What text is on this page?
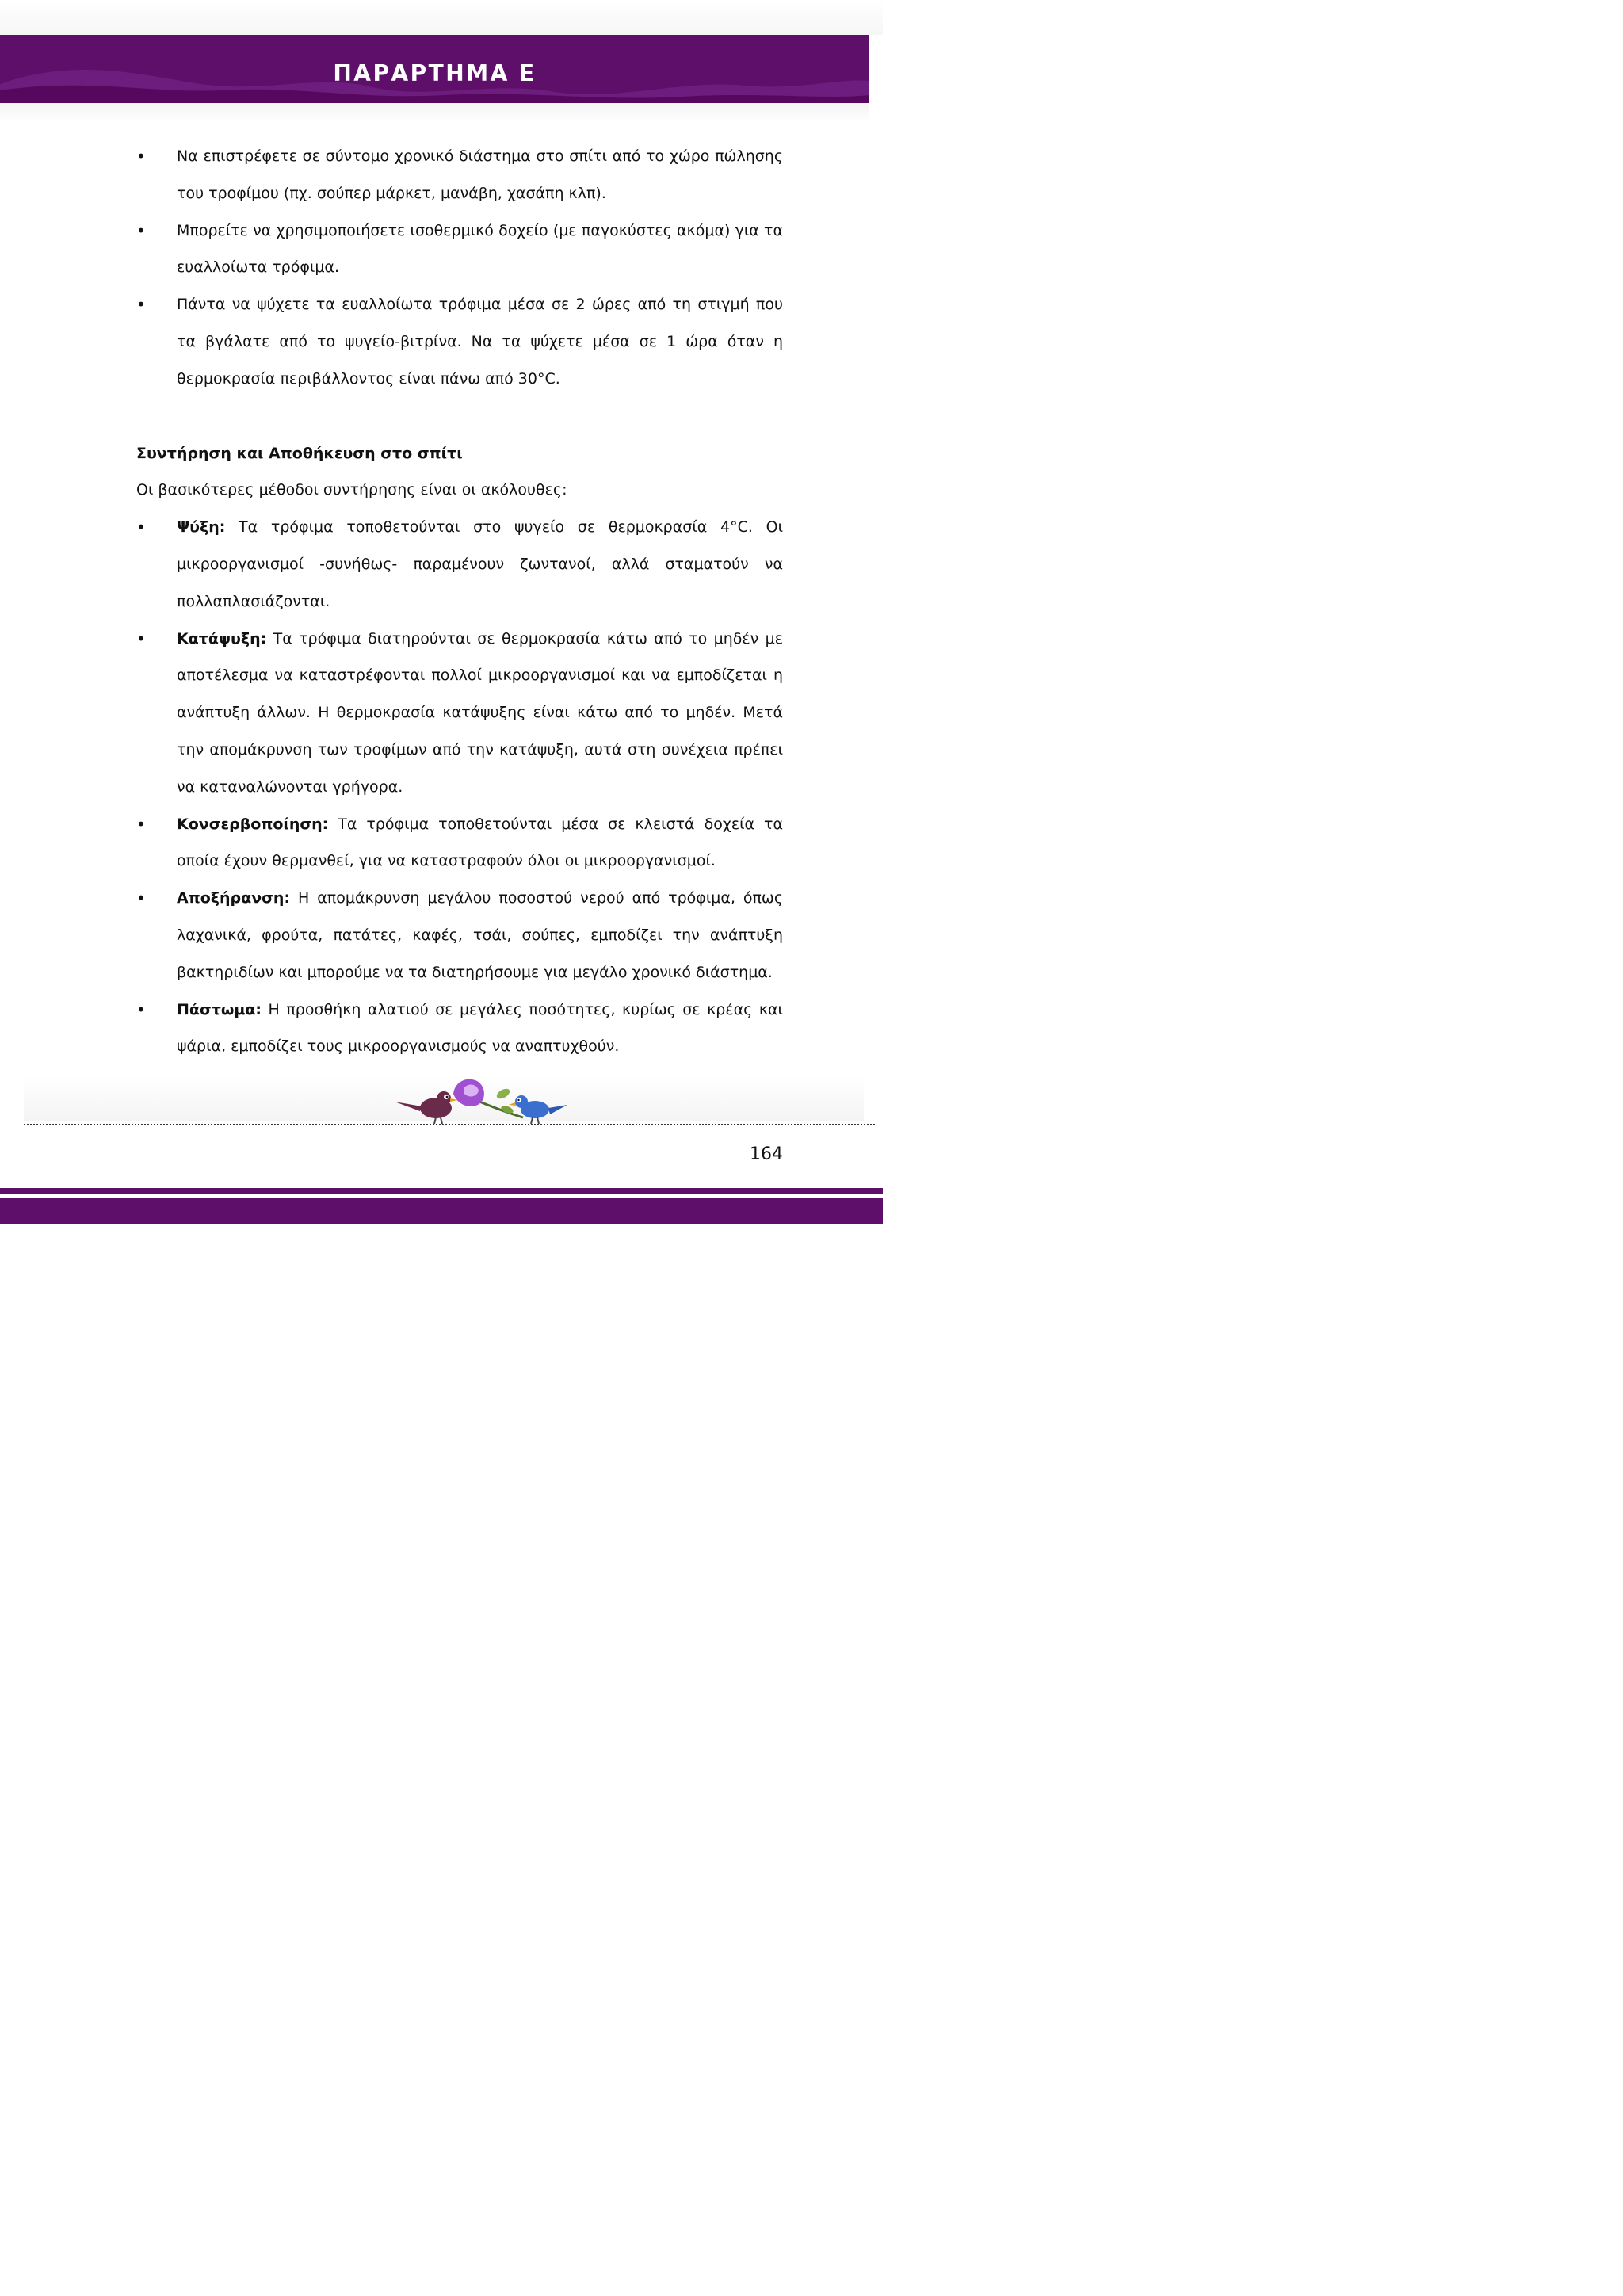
ΠΑΡΑΡΤΗΜΑ Ε
• Να επιστρέφετε σε σύντομο χρονικό διάστημα στο σπίτι από το χώρο πώλησης του τροφίμου (πχ. σούπερ μάρκετ, μανάβη, χασάπη κλπ).
• Μπορείτε να χρησιμοποιήσετε ισοθερμικό δοχείο (με παγοκύστες ακόμα) για τα ευαλλοίωτα τρόφιμα.
• Πάντα να ψύχετε τα ευαλλοίωτα τρόφιμα μέσα σε 2 ώρες από τη στιγμή που τα βγάλατε από το ψυγείο-βιτρίνα. Να τα ψύχετε μέσα σε 1 ώρα όταν η θερμοκρασία περιβάλλοντος είναι πάνω από 30°C.
Συντήρηση και Αποθήκευση στο σπίτι

Οι βασικότερες μέθοδοι συντήρησης είναι οι ακόλουθες:

• Ψύξη: Τα τρόφιμα τοποθετούνται στο ψυγείο σε θερμοκρασία 4°C. Οι μικροοργανισμοί -συνήθως- παραμένουν ζωντανοί, αλλά σταματούν να πολλαπλασιάζονται.
• Κατάψυξη: Τα τρόφιμα διατηρούνται σε θερμοκρασία κάτω από το μηδέν με αποτέλεσμα να καταστρέφονται πολλοί μικροοργανισμοί και να εμποδίζεται η ανάπτυξη άλλων. Η θερμοκρασία κατάψυξης είναι κάτω από το μηδέν. Μετά την απομάκρυνση των τροφίμων από την κατάψυξη, αυτά στη συνέχεια πρέπει να καταναλώνονται γρήγορα.
• Κονσερβοποίηση: Τα τρόφιμα τοποθετούνται μέσα σε κλειστά δοχεία τα οποία έχουν θερμανθεί, για να καταστραφούν όλοι οι μικροοργανισμοί.
• Αποξήρανση: Η απομάκρυνση μεγάλου ποσοστού νερού από τρόφιμα, όπως λαχανικά, φρούτα, πατάτες, καφές, τσάι, σούπες, εμποδίζει την ανάπτυξη βακτηριδίων και μπορούμε να τα διατηρήσουμε για μεγάλο χρονικό διάστημα.
• Πάστωμα: Η προσθήκη αλατιού σε μεγάλες ποσότητες, κυρίως σε κρέας και ψάρια, εμποδίζει τους μικροοργανισμούς να αναπτυχθούν.
164
